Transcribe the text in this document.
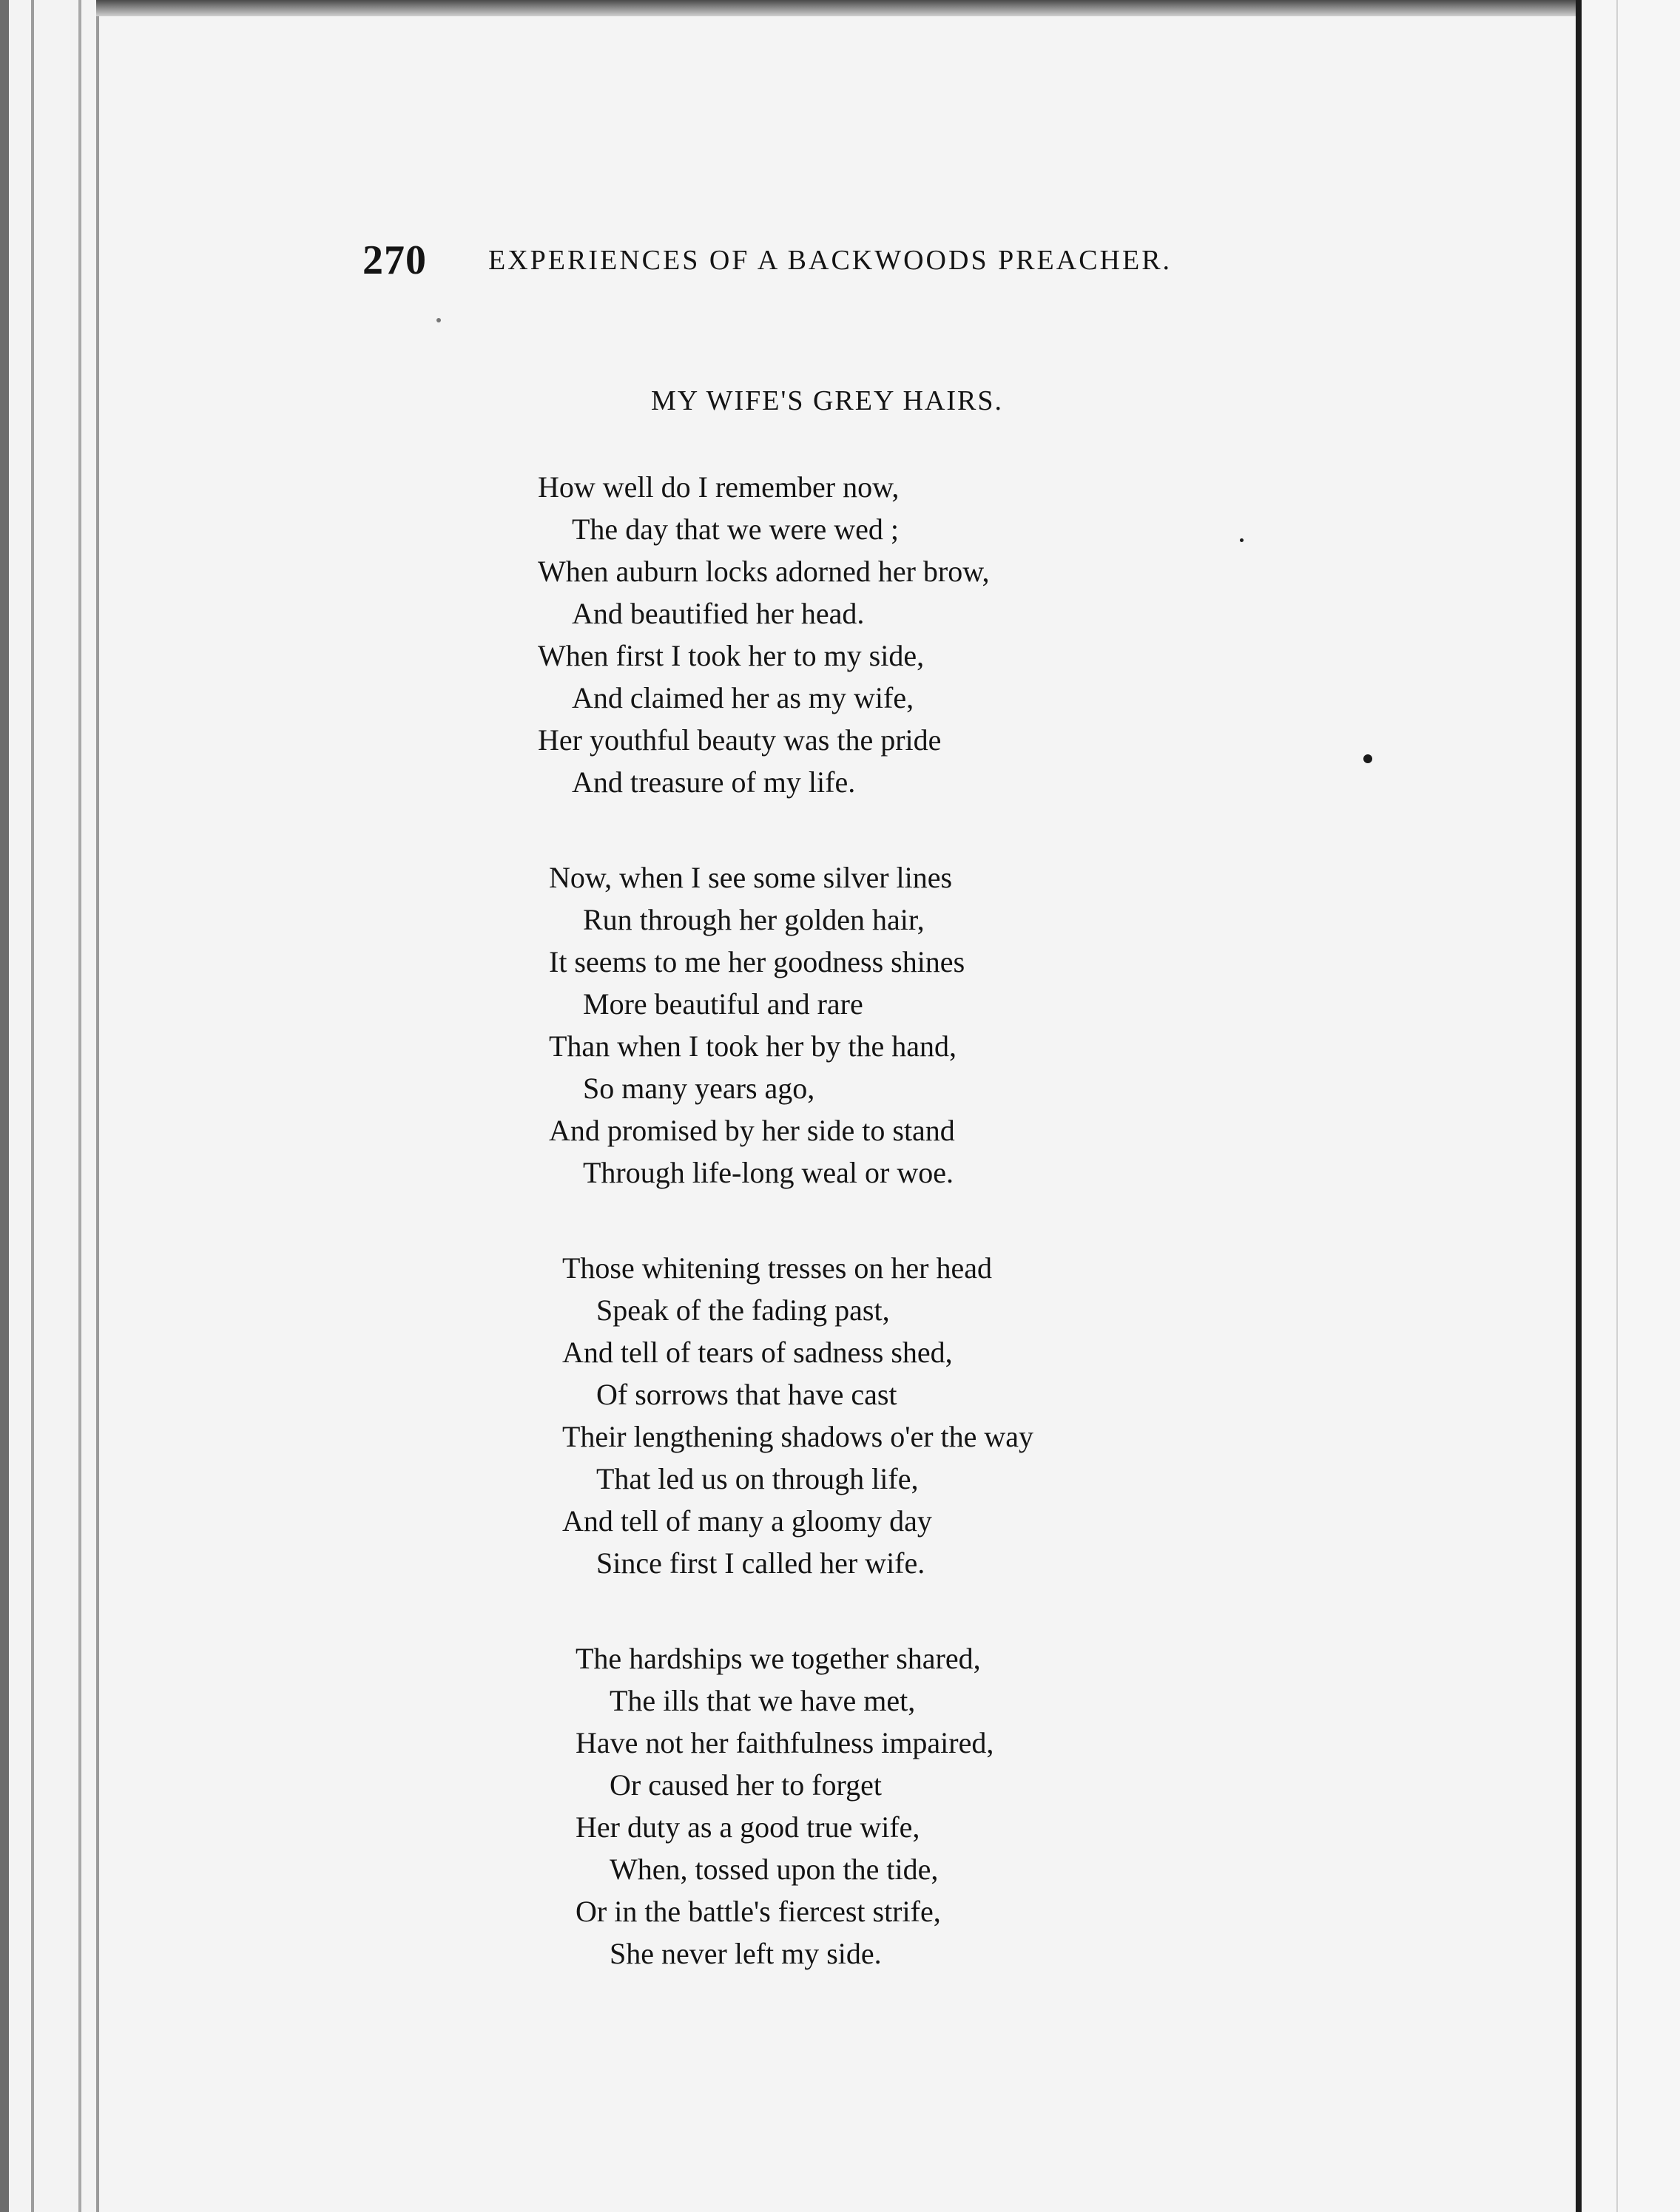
270 EXPERIENCES OF A BACKWOODS PREACHER.
MY WIFE'S GREY HAIRS.
How well do I remember now,
The day that we were wed ;
When auburn locks adorned her brow,
And beautified her head.
When first I took her to my side,
And claimed her as my wife,
Her youthful beauty was the pride
And treasure of my life.
Now, when I see some silver lines
Run through her golden hair,
It seems to me her goodness shines
More beautiful and rare
Than when I took her by the hand,
So many years ago,
And promised by her side to stand
Through life-long weal or woe.
Those whitening tresses on her head
Speak of the fading past,
And tell of tears of sadness shed,
Of sorrows that have cast
Their lengthening shadows o'er the way
That led us on through life,
And tell of many a gloomy day
Since first I called her wife.
The hardships we together shared,
The ills that we have met,
Have not her faithfulness impaired,
Or caused her to forget
Her duty as a good true wife,
When, tossed upon the tide,
Or in the battle's fiercest strife,
She never left my side.
